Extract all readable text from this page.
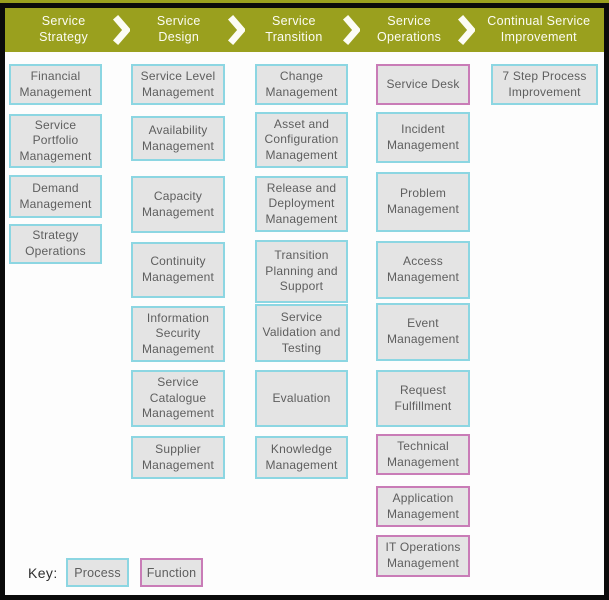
Service Strategy
Service Design
Service Transition
Service Operations
Continual Service Improvement
Financial Management
Service Portfolio Management
Demand Management
Strategy Operations
Service Level Management
Availability Management
Capacity Management
Continuity Management
Information Security Management
Service Catalogue Management
Supplier Management
Change Management
Asset and Configuration Management
Release and Deployment Management
Transition Planning and Support
Service Validation and Testing
Evaluation
Knowledge Management
Service Desk
Incident Management
Problem Management
Access Management
Event Management
Request Fulfillment
Technical Management
Application Management
IT Operations Management
7 Step Process Improvement
Key:	Process	Function
